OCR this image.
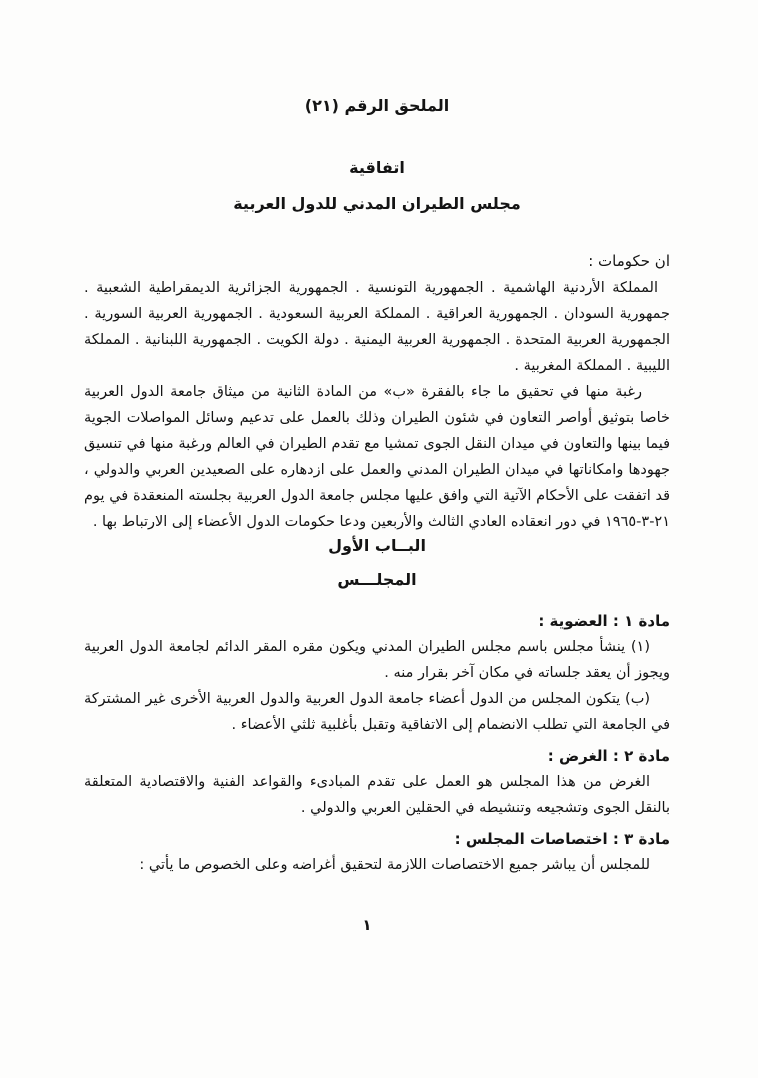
الملحق الرقم (٢١)
اتفاقية
مجلس الطيران المدني للدول العربية

ان حكومات :

المملكة الأردنية الهاشمية . الجمهورية التونسية . الجمهورية الجزائرية الديمقراطية الشعبية . جمهورية السودان . الجمهورية العراقية . المملكة العربية السعودية . الجمهورية العربية السورية . الجمهورية العربية المتحدة . الجمهورية العربية اليمنية . دولة الكويت . الجمهورية اللبنانية . المملكة الليبية . المملكة المغربية .

رغبة منها في تحقيق ما جاء بالفقرة «ب» من المادة الثانية من ميثاق جامعة الدول العربية خاصا بتوثيق أواصر التعاون في شئون الطيران وذلك بالعمل على تدعيم وسائل المواصلات الجوية فيما بينها والتعاون في ميدان النقل الجوى تمشيا مع تقدم الطيران في العالم ورغبة منها في تنسيق جهودها وامكاناتها في ميدان الطيران المدني والعمل على ازدهاره على الصعيدين العربي والدولي ، قد اتفقت على الأحكام الآتية التي وافق عليها مجلس جامعة الدول العربية بجلسته المنعقدة في يوم ٢١-٣-١٩٦٥ في دور انعقاده العادي الثالث والأربعين ودعا حكومات الدول الأعضاء إلى الارتباط بها .

البــاب الأول
المجلـــس
مادة ١ : العضوية :

(١) ينشأ مجلس باسم مجلس الطيران المدني ويكون مقره المقر الدائم لجامعة الدول العربية ويجوز أن يعقد جلساته في مكان آخر بقرار منه .

(ب) يتكون المجلس من الدول أعضاء جامعة الدول العربية والدول العربية الأخرى غير المشتركة في الجامعة التي تطلب الانضمام إلى الاتفاقية وتقبل بأغلبية ثلثي الأعضاء .

مادة ٢ : الغرض :

الغرض من هذا المجلس هو العمل على تقدم المبادىء والقواعد الفنية والاقتصادية المتعلقة بالنقل الجوى وتشجيعه وتنشيطه في الحقلين العربي والدولي .

مادة ٣ : اختصاصات المجلس :

للمجلس أن يباشر جميع الاختصاصات اللازمة لتحقيق أغراضه وعلى الخصوص ما يأتي :

١
